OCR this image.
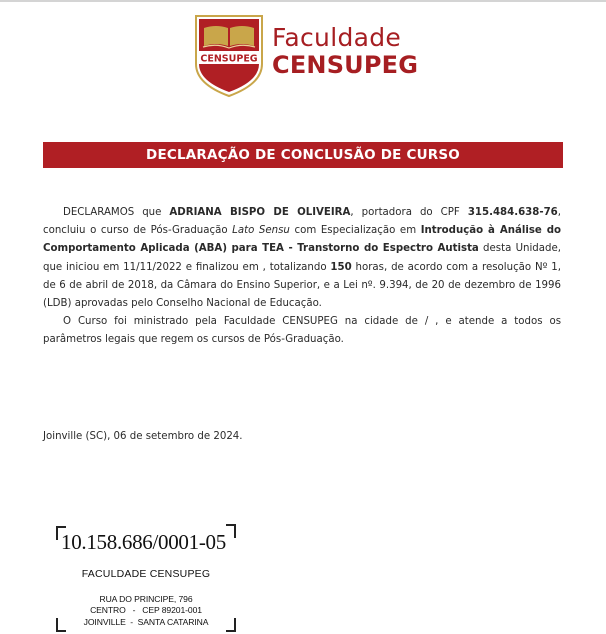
CENSUPEG
Faculdade
CENSUPEG
DECLARAÇÃO DE CONCLUSÃO DE CURSO

DECLARAMOS que ADRIANA BISPO DE OLIVEIRA, portadora do CPF 315.484.638-76, concluiu o curso de Pós-Graduação Lato Sensu com Especialização em Introdução à Análise do Comportamento Aplicada (ABA) para TEA - Transtorno do Espectro Autista desta Unidade, que iniciou em 11/11/2022 e finalizou em , totalizando 150 horas, de acordo com a resolução Nº 1, de 6 de abril de 2018, da Câmara do Ensino Superior, e a Lei nº. 9.394, de 20 de dezembro de 1996 (LDB) aprovadas pelo Conselho Nacional de Educação.

O Curso foi ministrado pela Faculdade CENSUPEG na cidade de / , e atende a todos os parâmetros legais que regem os cursos de Pós-Graduação.

Joinville (SC), 06 de setembro de 2024.
10.158.686/0001-05
FACULDADE CENSUPEG
RUA DO PRINCIPE, 796
CENTRO   -   CEP 89201-001
JOINVILLE  -  SANTA CATARINA
